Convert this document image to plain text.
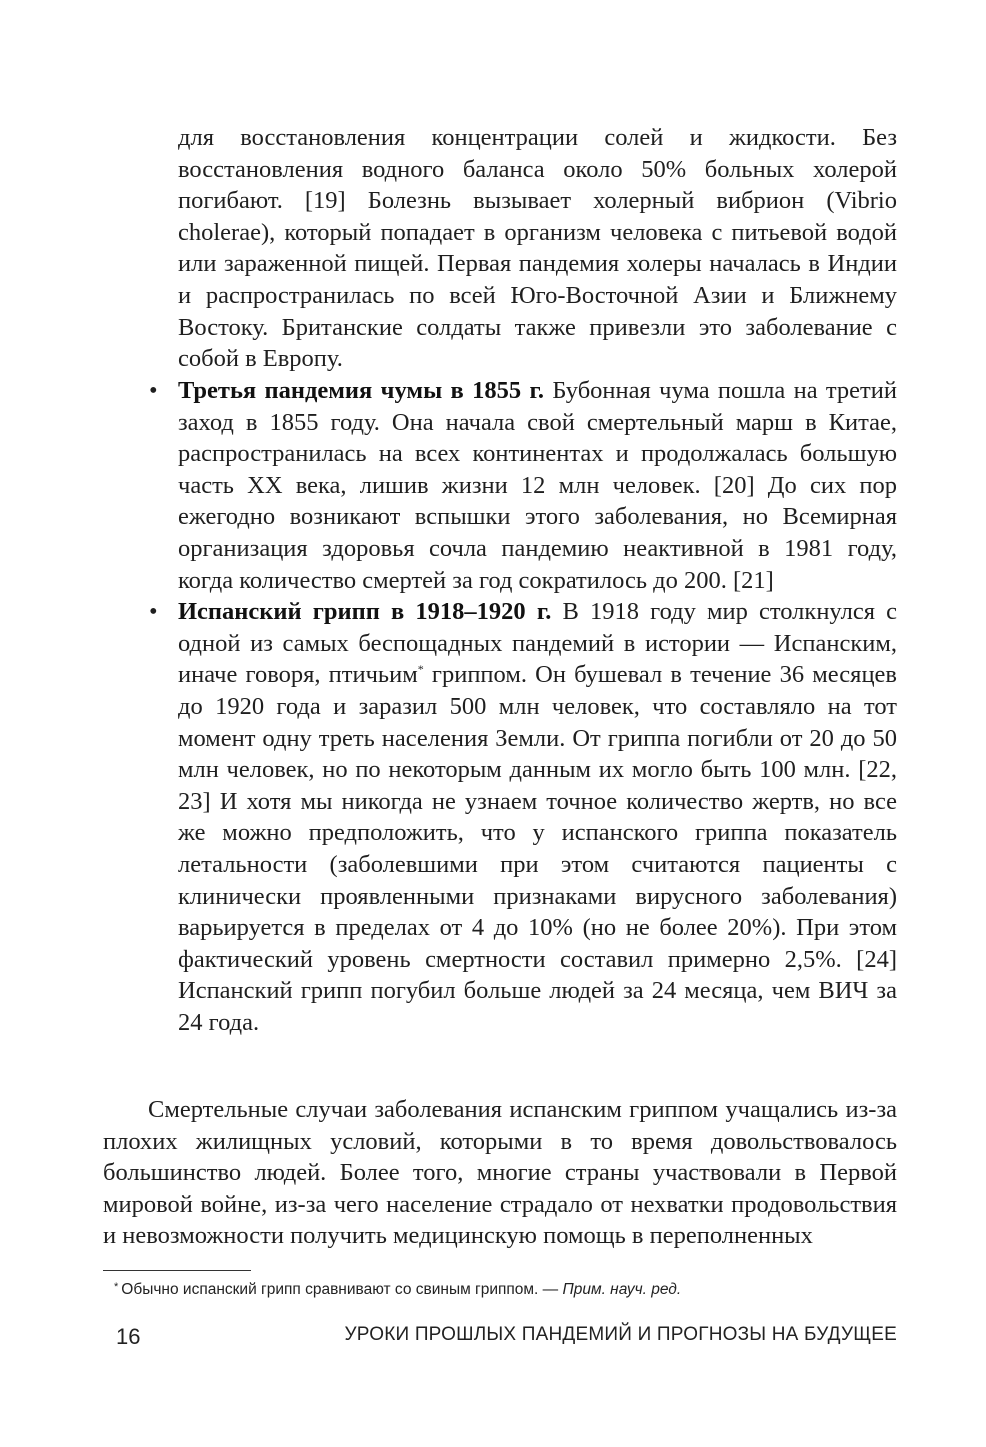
для восстановления концентрации солей и жидкости. Без восстановления водного баланса около 50% больных холерой погибают. [19] Болезнь вызывает холерный вибрион (Vibrio cholerae), который попадает в организм человека с питьевой водой или зараженной пищей. Первая пандемия холеры началась в Индии и распространилась по всей Юго-Восточной Азии и Ближнему Востоку. Британские солдаты также привезли это заболевание с собой в Европу.
• Третья пандемия чумы в 1855 г. Бубонная чума пошла на третий заход в 1855 году. Она начала свой смертельный марш в Китае, распространилась на всех континентах и продолжалась большую часть XX века, лишив жизни 12 млн человек. [20] До сих пор ежегодно возникают вспышки этого заболевания, но Всемирная организация здоровья сочла пандемию неактивной в 1981 году, когда количество смертей за год сократилось до 200. [21]
• Испанский грипп в 1918–1920 г. В 1918 году мир столкнулся с одной из самых беспощадных пандемий в истории — Испанским, иначе говоря, птичьим* гриппом. Он бушевал в течение 36 месяцев до 1920 года и заразил 500 млн человек, что составляло на тот момент одну треть населения Земли. От гриппа погибли от 20 до 50 млн человек, но по некоторым данным их могло быть 100 млн. [22, 23] И хотя мы никогда не узнаем точное количество жертв, но все же можно предположить, что у испанского гриппа показатель летальности (заболевшими при этом считаются пациенты с клинически проявленными признаками вирусного заболевания) варьируется в пределах от 4 до 10% (но не более 20%). При этом фактический уровень смертности составил примерно 2,5%. [24] Испанский грипп погубил больше людей за 24 месяца, чем ВИЧ за 24 года.
Смертельные случаи заболевания испанским гриппом учащались из-за плохих жилищных условий, которыми в то время довольствовалось большинство людей. Более того, многие страны участвовали в Первой мировой войне, из-за чего население страдало от нехватки продовольствия и невозможности получить медицинскую помощь в переполненных
* Обычно испанский грипп сравнивают со свиным гриппом. — Прим. науч. ред.
16	УРОКИ ПРОШЛЫХ ПАНДЕМИЙ И ПРОГНОЗЫ НА БУДУЩЕЕ
